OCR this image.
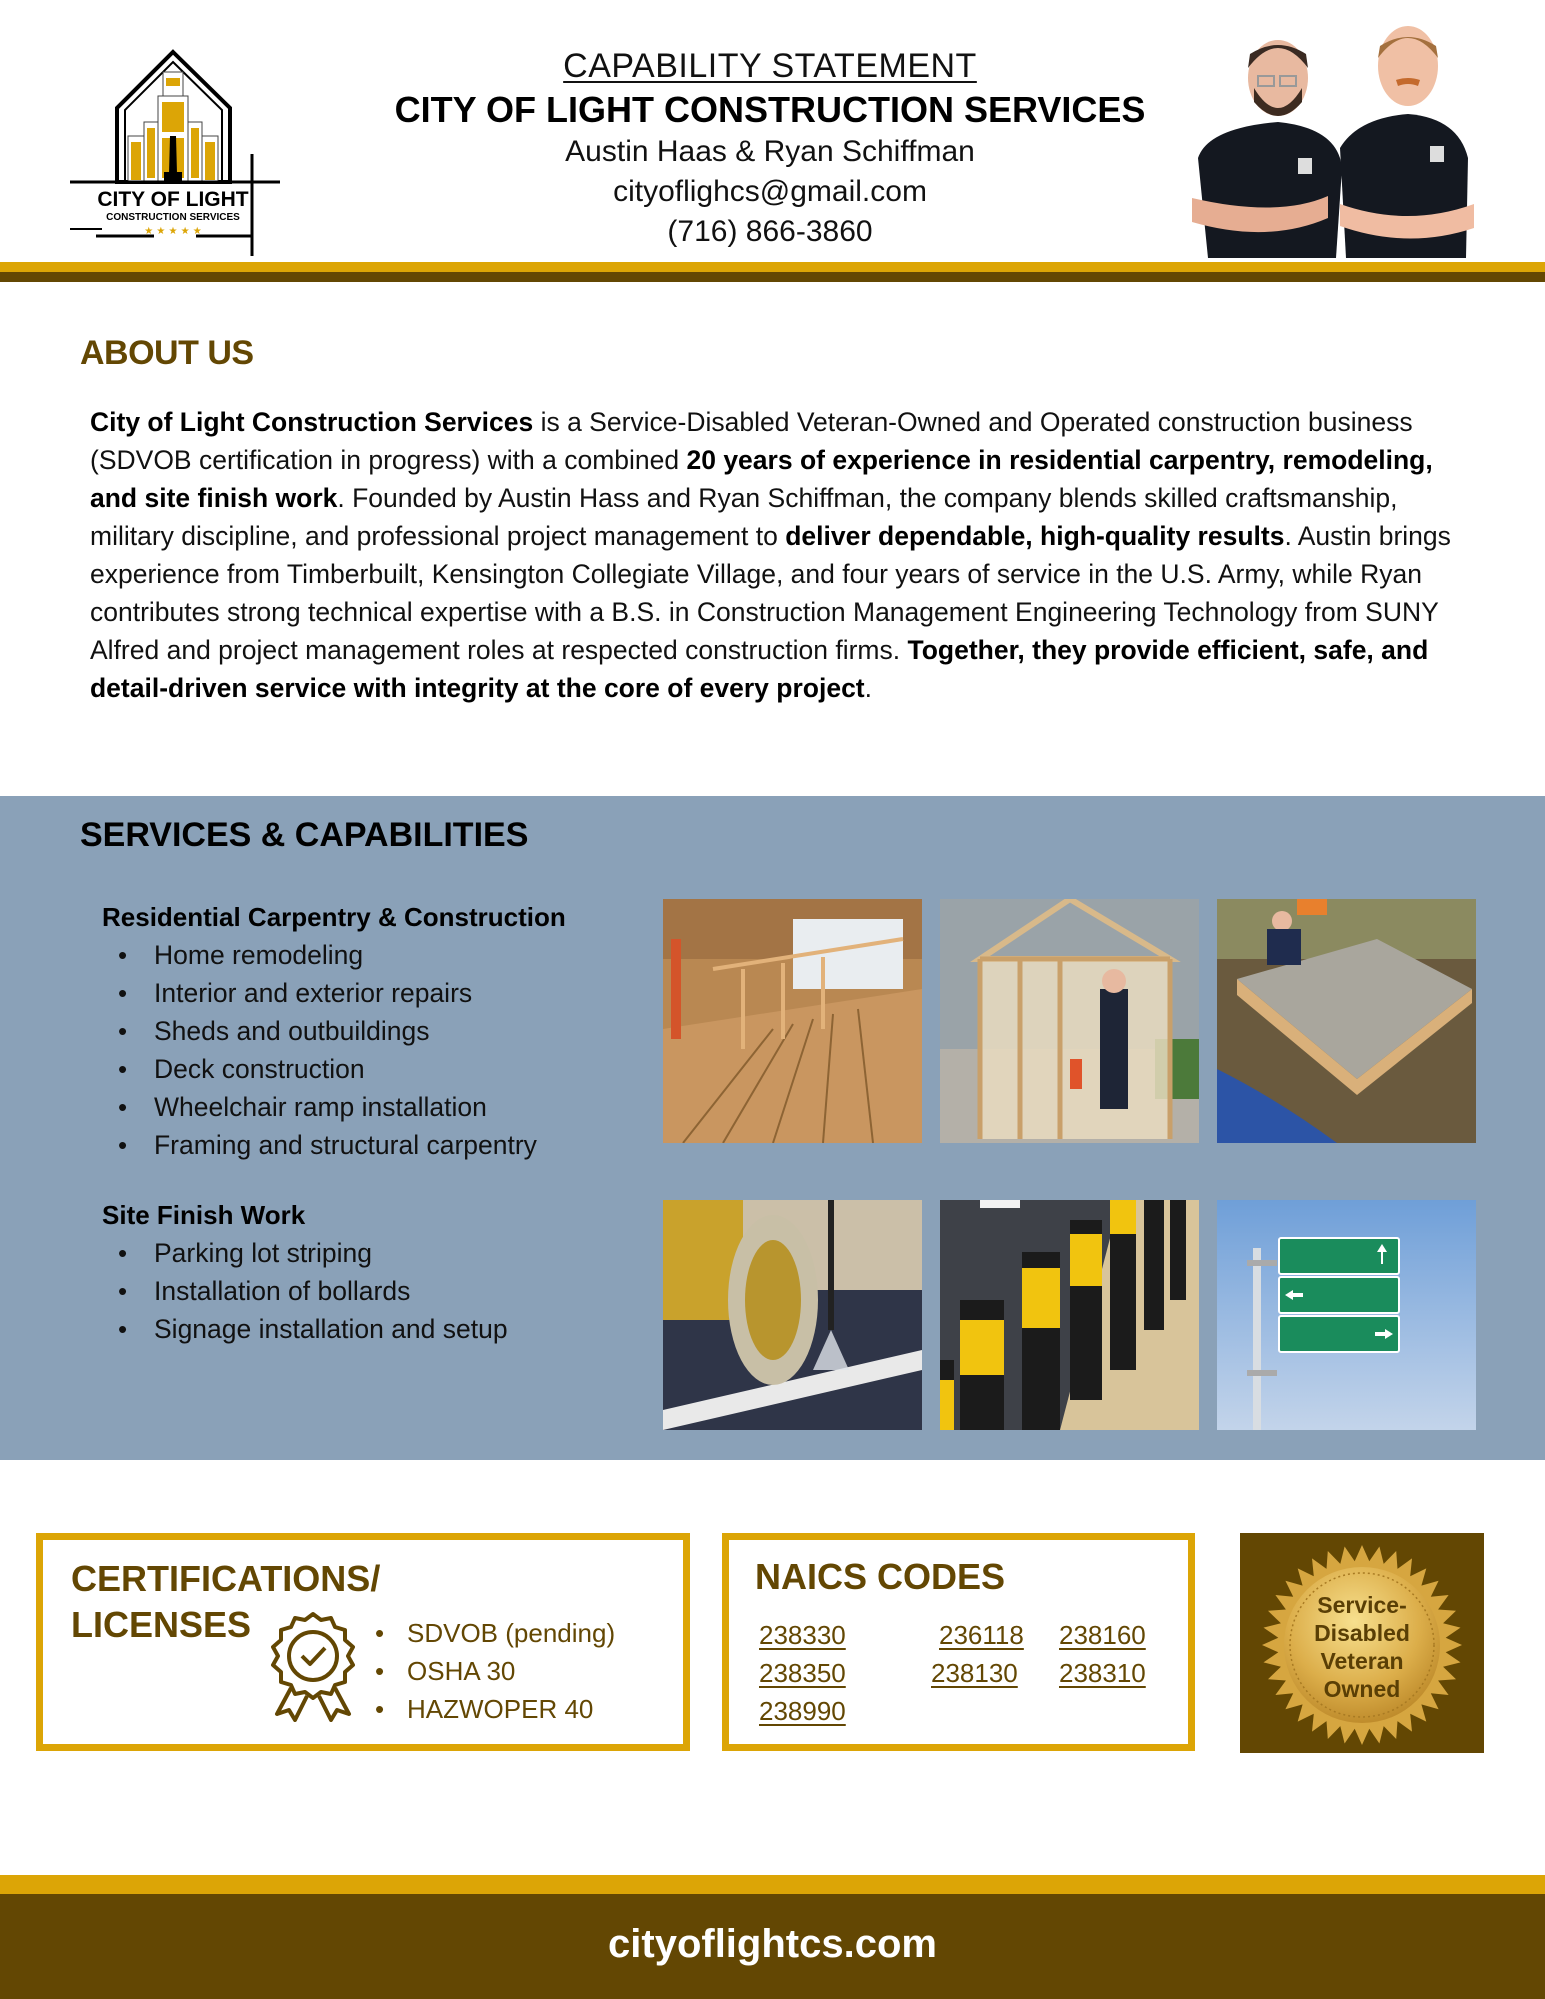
CITY OF LIGHT
CONSTRUCTION SERVICES
★ ★ ★ ★ ★
CAPABILITY STATEMENT
CITY OF LIGHT CONSTRUCTION SERVICES
Austin Haas & Ryan Schiffman
cityoflighcs@gmail.com
(716) 866-3860
ABOUT US

City of Light Construction Services is a Service-Disabled Veteran-Owned and Operated construction business (SDVOB certification in progress) with a combined 20 years of experience in residential carpentry, remodeling, and site finish work. Founded by Austin Hass and Ryan Schiffman, the company blends skilled craftsmanship, military discipline, and professional project management to deliver dependable, high-quality results. Austin brings experience from Timberbuilt, Kensington Collegiate Village, and four years of service in the U.S. Army, while Ryan contributes strong technical expertise with a B.S. in Construction Management Engineering Technology from SUNY Alfred and project management roles at respected construction firms. Together, they provide efficient, safe, and detail-driven service with integrity at the core of every project.

SERVICES & CAPABILITIES
Residential Carpentry & Construction
• Home remodeling
• Interior and exterior repairs
• Sheds and outbuildings
• Deck construction
• Wheelchair ramp installation
• Framing and structural carpentry
Site Finish Work
• Parking lot striping
• Installation of bollards
• Signage installation and setup
CERTIFICATIONS/
LICENSES	• SDVOB (pending)
• OSHA 30
• HAZWOPER 40
NAICS CODES
238330	236118 238160
238350	238130 238310
238990
Service-
Disabled
Veteran
Owned
cityoflightcs.com
